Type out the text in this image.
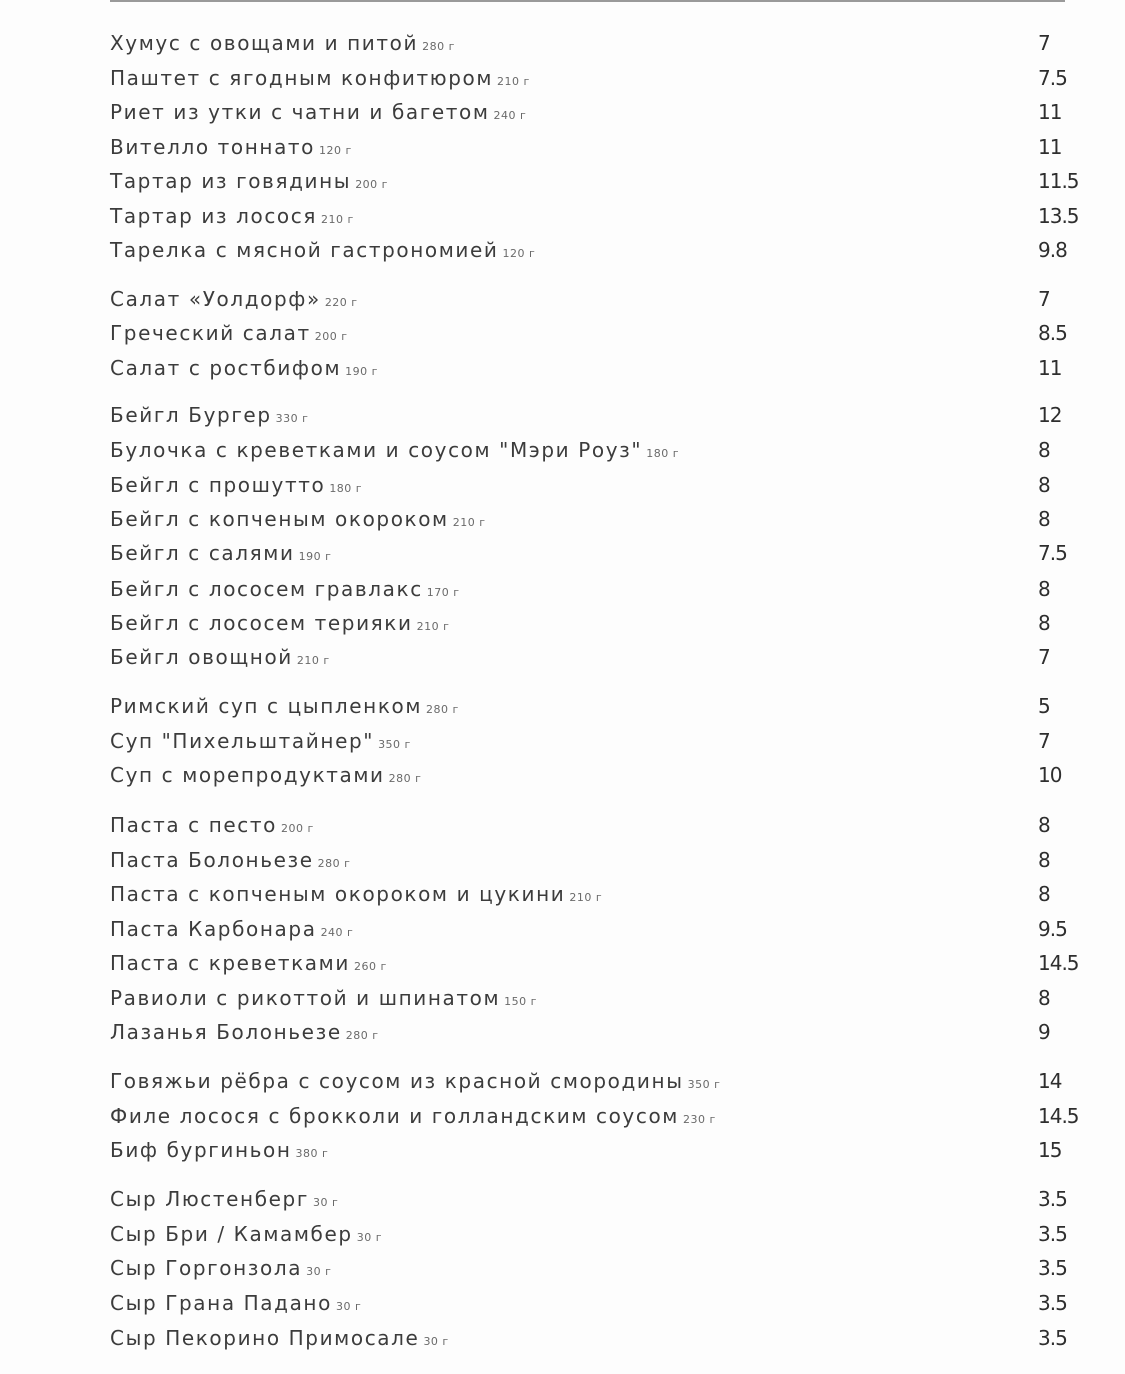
Хумус с овощами и питой 280 г	7
Паштет с ягодным конфитюром 210 г	7.5
Риет из утки с чатни и багетом 240 г	11
Вителло тоннато 120 г	11
Тартар из говядины 200 г	11.5
Тартар из лосося 210 г	13.5
Тарелка с мясной гастрономией 120 г	9.8
Салат «Уолдорф» 220 г	7
Греческий салат 200 г	8.5
Салат с ростбифом 190 г	11
Бейгл Бургер 330 г	12
Булочка с креветками и соусом "Мэри Роуз" 180 г	8
Бейгл с прошутто 180 г	8
Бейгл с копченым окороком 210 г	8
Бейгл с салями 190 г	7.5
Бейгл с лососем гравлакс 170 г	8
Бейгл с лососем терияки 210 г	8
Бейгл овощной 210 г	7
Римский суп с цыпленком 280 г	5
Суп "Пихельштайнер" 350 г	7
Суп с морепродуктами 280 г	10
Паста с песто 200 г	8
Паста Болоньезе 280 г	8
Паста с копченым окороком и цукини 210 г	8
Паста Карбонара 240 г	9.5
Паста с креветками 260 г	14.5
Равиоли с рикоттой и шпинатом 150 г	8
Лазанья Болоньезе 280 г	9
Говяжьи рёбра с соусом из красной смородины 350 г	14
Филе лосося с брокколи и голландским соусом 230 г	14.5
Биф бургиньон 380 г	15
Сыр Люстенберг 30 г	3.5
Сыр Бри / Камамбер 30 г	3.5
Сыр Горгонзола 30 г	3.5
Сыр Грана Падано 30 г	3.5
Сыр Пекорино Примосале 30 г	3.5
